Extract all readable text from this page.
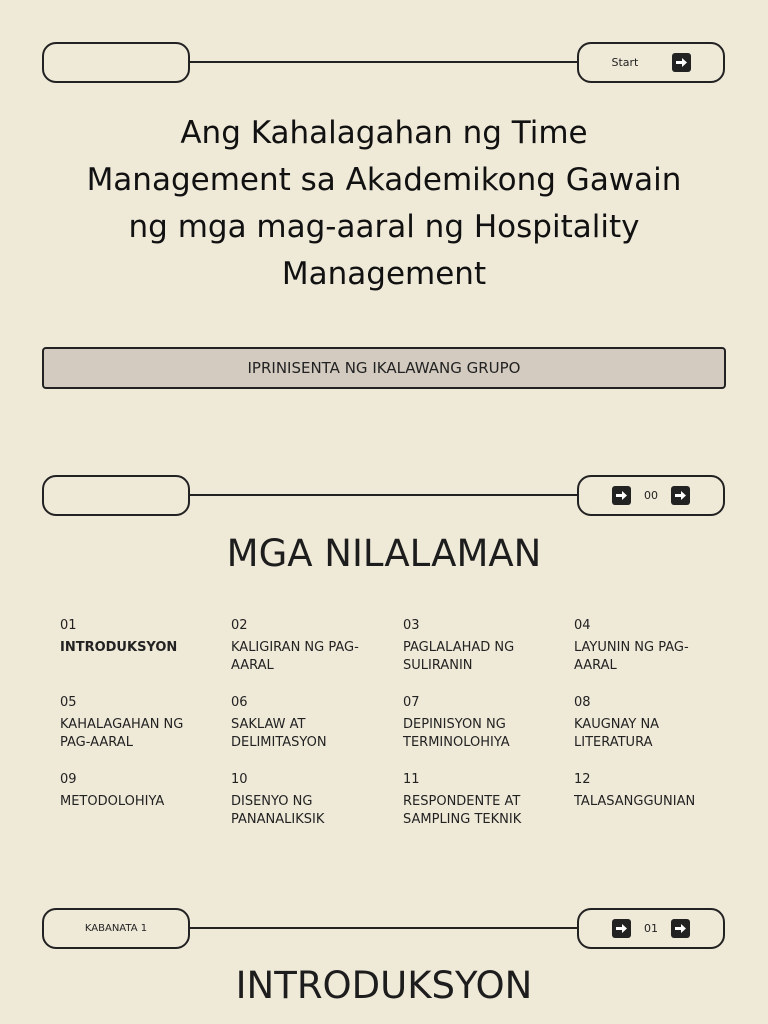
Start
Ang Kahalagahan ng Time Management sa Akademikong Gawain ng mga mag-aaral ng Hospitality Management
IPRINISENTA NG IKALAWANG GRUPO
00
MGA NILALAMAN
01
INTRODUKSYON
02
KALIGIRAN NG PAG-AARAL
03
PAGLALAHAD NG SULIRANIN
04
LAYUNIN NG PAG-AARAL
05
KAHALAGAHAN NG PAG-AARAL
06
SAKLAW AT DELIMITASYON
07
DEPINISYON NG TERMINOLOHIYA
08
KAUGNAY NA LITERATURA
09
METODOLOHIYA
10
DISENYO NG PANANALIKSIK
11
RESPONDENTE AT SAMPLING TEKNIK
12
TALASANGGUNIAN
KABANATA 1	01
INTRODUKSYON
